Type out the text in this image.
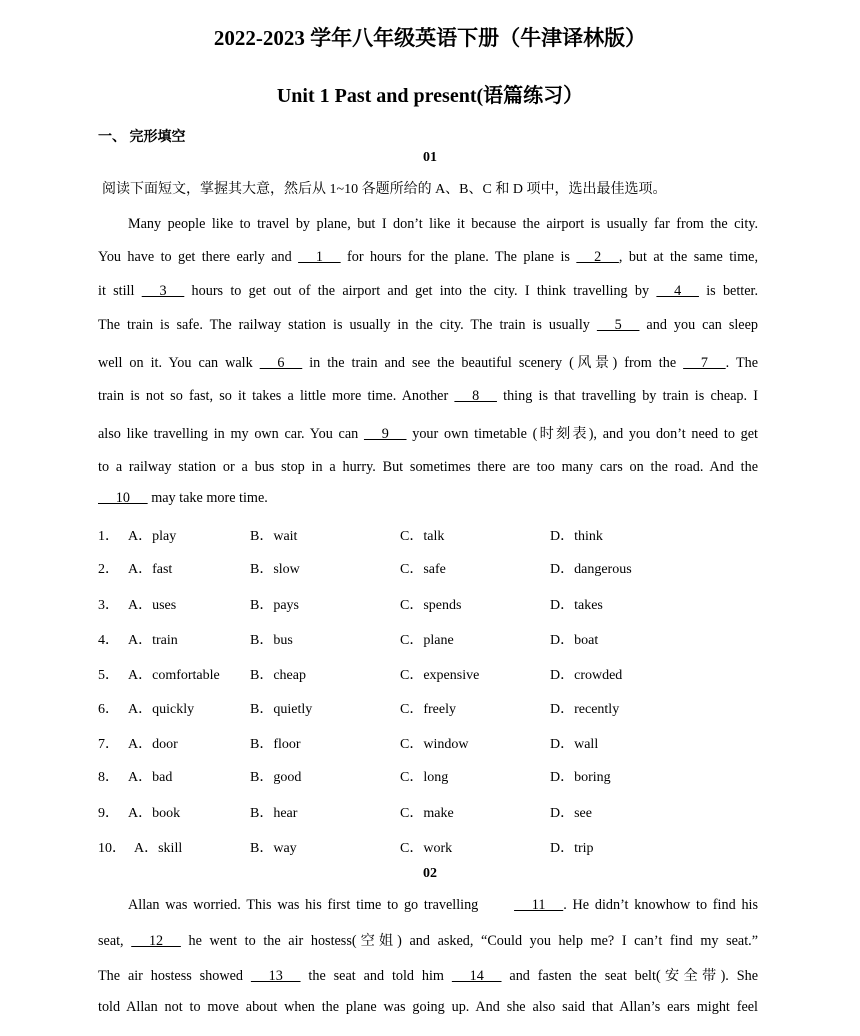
2022-2023 学年八年级英语下册（牛津译林版）
Unit 1 Past and present(语篇练习）
一、 完形填空
01
阅读下面短文，掌握其大意，然后从 1~10 各题所给的 A、B、C 和 D 项中，选出最佳选项。

Many people like to travel by plane, but I don’t like it because the airport is usually far from the city.

You have to get there early and      1      for hours for the plane. The plane is      2     , but at the same time,

it still      3      hours to get out of the airport and get into the city. I think travelling by      4      is better.

The train is safe. The railway station is usually in the city. The train is usually      5      and you can sleep

well on it. You can walk      6      in the train and see the beautiful scenery (风景) from the      7     . The

train is not so fast, so it takes a little more time. Another      8      thing is that travelling by train is cheap. I

also like travelling in my own car. You can      9      your own timetable (时刻表), and you don’t need to get

to a railway station or a bus stop in a hurry. But sometimes there are too many cars on the road. And the

10      may take more time.

1． A．play	B．wait	C．talk	D．think
2． A．fast	B．slow	C．safe	D．dangerous
3． A．uses	B．pays	C．spends	D．takes
4． A．train	B．bus	C．plane	D．boat
5． A．comfortable B．cheap	C．expensive	D．crowded
6． A．quickly	B．quietly	C．freely	D．recently
7． A．door	B．floor	C．window	D．wall
8． A．bad	B．good	C．long	D．boring
9． A．book	B．hear	C．make	D．see
10． A．skill	B．way	C．work	D．trip
02

Allan was worried. This was his first time to go travelling      11     . He didn’t knowhow to find his

seat,      12      he went to the air hostess(空姐) and asked, “Could you help me? I can’t find my seat.”

The air hostess showed      13      the seat and told him      14      and fasten the seat belt(安全带). She

told Allan not to move about when the plane was going up. And she also said that Allan’s ears might feel
